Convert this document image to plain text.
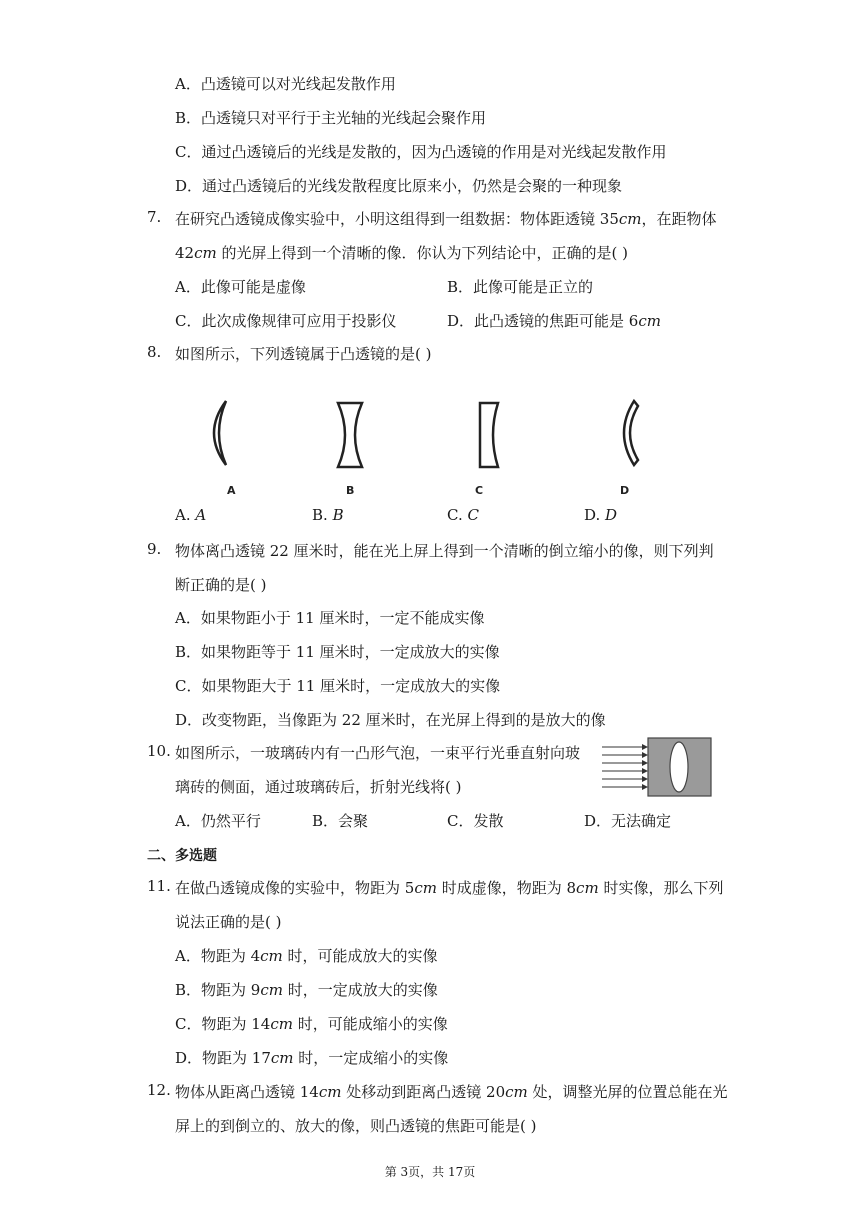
A．凸透镜可以对光线起发散作用
B．凸透镜只对平行于主光轴的光线起会聚作用
C．通过凸透镜后的光线是发散的，因为凸透镜的作用是对光线起发散作用
D．通过凸透镜后的光线发散程度比原来小，仍然是会聚的一种现象
7. 在研究凸透镜成像实验中，小明这组得到一组数据：物体距透镜 35cm，在距物体
42cm 的光屏上得到一个清晰的像．你认为下列结论中，正确的是( )
A．此像可能是虚像	B．此像可能是正立的
C．此次成像规律可应用于投影仪	D．此凸透镜的焦距可能是 6cm
8. 如图所示，下列透镜属于凸透镜的是( )
A	B	C	D
A. A	B. B	C. C	D. D
9. 物体离凸透镜 22 厘米时，能在光上屏上得到一个清晰的倒立缩小的像，则下列判
断正确的是( )
A．如果物距小于 11 厘米时，一定不能成实像
B．如果物距等于 11 厘米时，一定成放大的实像
C．如果物距大于 11 厘米时，一定成放大的实像
D．改变物距，当像距为 22 厘米时，在光屏上得到的是放大的像
10. 如图所示，一玻璃砖内有一凸形气泡，一束平行光垂直射向玻
璃砖的侧面，通过玻璃砖后，折射光线将( )
A．仍然平行	B．会聚	C．发散	D．无法确定
二、多选题
11. 在做凸透镜成像的实验中，物距为 5cm 时成虚像，物距为 8cm 时实像，那么下列
说法正确的是( )
A．物距为 4cm 时，可能成放大的实像
B．物距为 9cm 时，一定成放大的实像
C．物距为 14cm 时，可能成缩小的实像
D．物距为 17cm 时，一定成缩小的实像
12. 物体从距离凸透镜 14cm 处移动到距离凸透镜 20cm 处，调整光屏的位置总能在光
屏上的到倒立的、放大的像，则凸透镜的焦距可能是( )
第 3页，共 17页
